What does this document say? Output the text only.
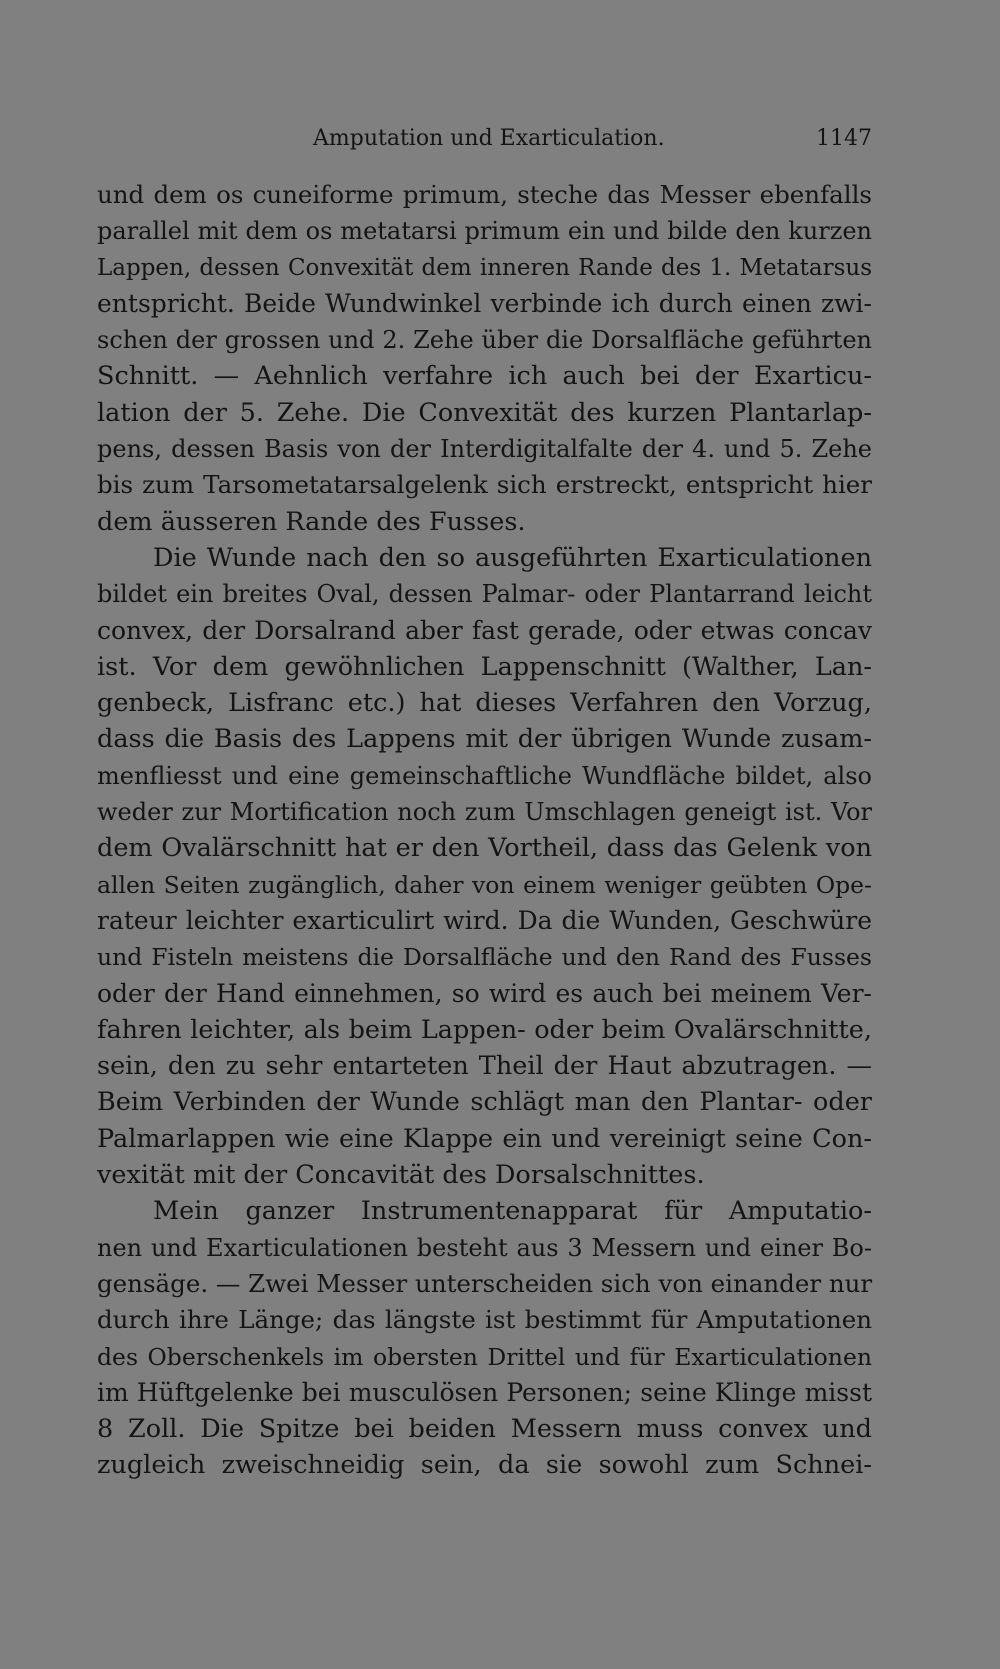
Amputation und Exarticulation.	1147
und dem os cuneiforme primum, steche das Messer ebenfalls
parallel mit dem os metatarsi primum ein und bilde den kurzen
Lappen, dessen Convexität dem inneren Rande des 1. Metatarsus
entspricht. Beide Wundwinkel verbinde ich durch einen zwi-
schen der grossen und 2. Zehe über die Dorsalfläche geführten
Schnitt. — Aehnlich verfahre ich auch bei der Exarticu-
lation der 5. Zehe. Die Convexität des kurzen Plantarlap-
pens, dessen Basis von der Interdigitalfalte der 4. und 5. Zehe
bis zum Tarsometatarsalgelenk sich erstreckt, entspricht hier
dem äusseren Rande des Fusses.
Die Wunde nach den so ausgeführten Exarticulationen
bildet ein breites Oval, dessen Palmar- oder Plantarrand leicht
convex, der Dorsalrand aber fast gerade, oder etwas concav
ist. Vor dem gewöhnlichen Lappenschnitt (Walther, Lan-
genbeck, Lisfranc etc.) hat dieses Verfahren den Vorzug,
dass die Basis des Lappens mit der übrigen Wunde zusam-
menfliesst und eine gemeinschaftliche Wundfläche bildet, also
weder zur Mortification noch zum Umschlagen geneigt ist. Vor
dem Ovalärschnitt hat er den Vortheil, dass das Gelenk von
allen Seiten zugänglich, daher von einem weniger geübten Ope-
rateur leichter exarticulirt wird. Da die Wunden, Geschwüre
und Fisteln meistens die Dorsalfläche und den Rand des Fusses
oder der Hand einnehmen, so wird es auch bei meinem Ver-
fahren leichter, als beim Lappen- oder beim Ovalärschnitte,
sein, den zu sehr entarteten Theil der Haut abzutragen. —
Beim Verbinden der Wunde schlägt man den Plantar- oder
Palmarlappen wie eine Klappe ein und vereinigt seine Con-
vexität mit der Concavität des Dorsalschnittes.
Mein ganzer Instrumentenapparat für Amputatio-
nen und Exarticulationen besteht aus 3 Messern und einer Bo-
gensäge. — Zwei Messer unterscheiden sich von einander nur
durch ihre Länge; das längste ist bestimmt für Amputationen
des Oberschenkels im obersten Drittel und für Exarticulationen
im Hüftgelenke bei musculösen Personen; seine Klinge misst
8 Zoll. Die Spitze bei beiden Messern muss convex und
zugleich zweischneidig sein, da sie sowohl zum Schnei-
